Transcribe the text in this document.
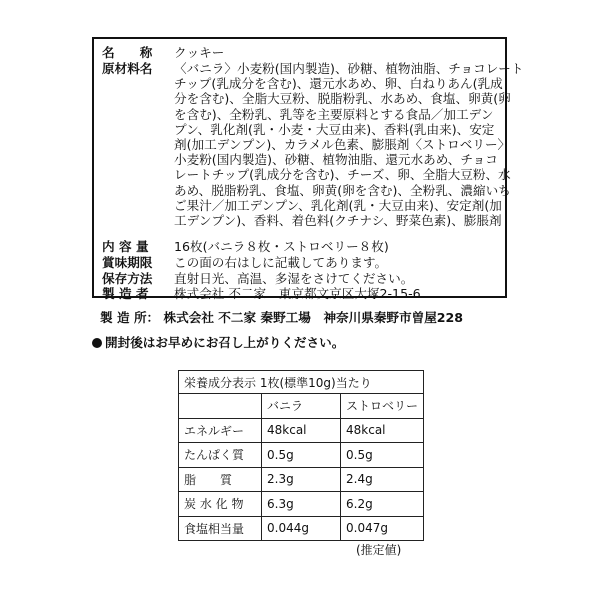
名　　称	クッキー
原材料名	〈バニラ〉小麦粉(国内製造)、砂糖、植物油脂、チョコレート
チップ(乳成分を含む)、還元水あめ、卵、白ねりあん(乳成
分を含む)、全脂大豆粉、脱脂粉乳、水あめ、食塩、卵黄(卵
を含む)、全粉乳、乳等を主要原料とする食品／加工デン
プン、乳化剤(乳・小麦・大豆由来)、香料(乳由来)、安定
剤(加工デンプン)、カラメル色素、膨脹剤〈ストロベリー〉
小麦粉(国内製造)、砂糖、植物油脂、還元水あめ、チョコ
レートチップ(乳成分を含む)、チーズ、卵、全脂大豆粉、水
あめ、脱脂粉乳、食塩、卵黄(卵を含む)、全粉乳、濃縮いち
ご果汁／加工デンプン、乳化剤(乳・大豆由来)、安定剤(加
工デンプン)、香料、着色料(クチナシ、野菜色素)、膨脹剤
内 容 量	16枚(バニラ８枚・ストロベリー８枚)
賞味期限	この面の右はしに記載してあります。
保存方法	直射日光、高温、多湿をさけてください。
製 造 者	株式会社 不二家　東京都文京区大塚2-15-6
製 造 所： 株式会社 不二家 秦野工場　神奈川県秦野市曽屋228
開封後はお早めにお召し上がりください。
栄養成分表示 1枚(標準10g)当たり		
	バニラ	ストロベリー
エネルギー	48kcal	48kcal
たんぱく質	0.5g	0.5g
脂　　質	2.3g	2.4g
炭 水 化 物	6.3g	6.2g
食塩相当量	0.044g	0.047g
(推定値)
